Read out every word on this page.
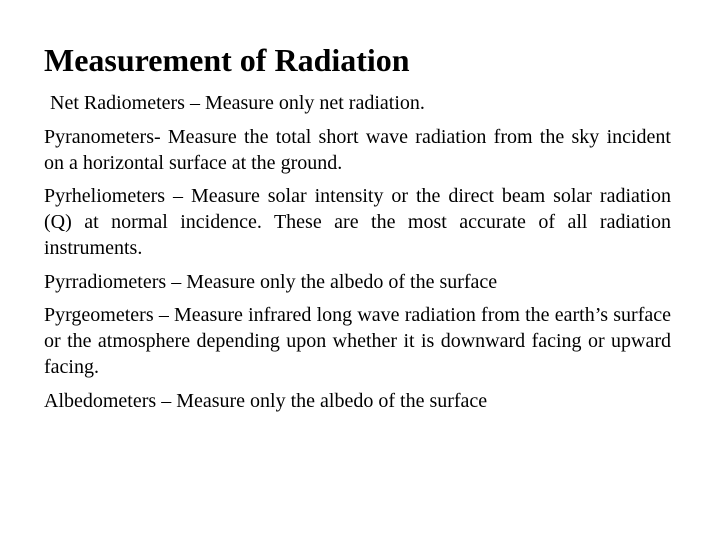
Measurement of Radiation

Net Radiometers – Measure only net radiation.

Pyranometers- Measure the total short wave radiation from the sky incident on a horizontal surface at the ground.

Pyrheliometers – Measure solar intensity or the direct beam solar radiation (Q) at normal incidence. These are the most accurate of all radiation instruments.

Pyrradiometers – Measure only the albedo of the surface

Pyrgeometers – Measure infrared long wave radiation from the earth’s surface or the atmosphere depending upon whether it is downward facing or upward facing.

Albedometers – Measure only the albedo of the surface
